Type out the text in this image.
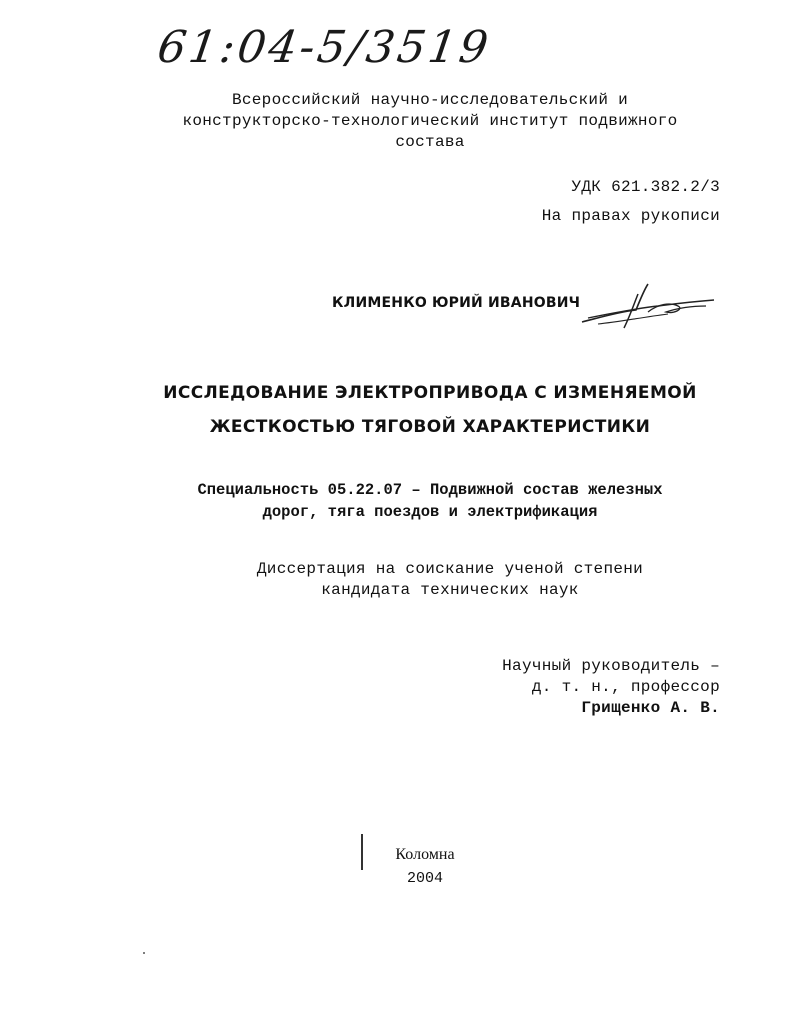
61:04-5/3519
Всероссийский научно-исследовательский и
конструкторско-технологический институт подвижного
состава
УДК 621.382.2/3
На правах рукописи
КЛИМЕНКО ЮРИЙ ИВАНОВИЧ
ИССЛЕДОВАНИЕ ЭЛЕКТРОПРИВОДА С ИЗМЕНЯЕМОЙ
ЖЕСТКОСТЬЮ ТЯГОВОЙ ХАРАКТЕРИСТИКИ
Специальность 05.22.07 – Подвижной состав железных
дорог, тяга поездов и электрификация
Диссертация на соискание ученой степени
кандидата технических наук
Научный руководитель –
д. т. н., профессор
Грищенко А. В.
Коломна
2004
